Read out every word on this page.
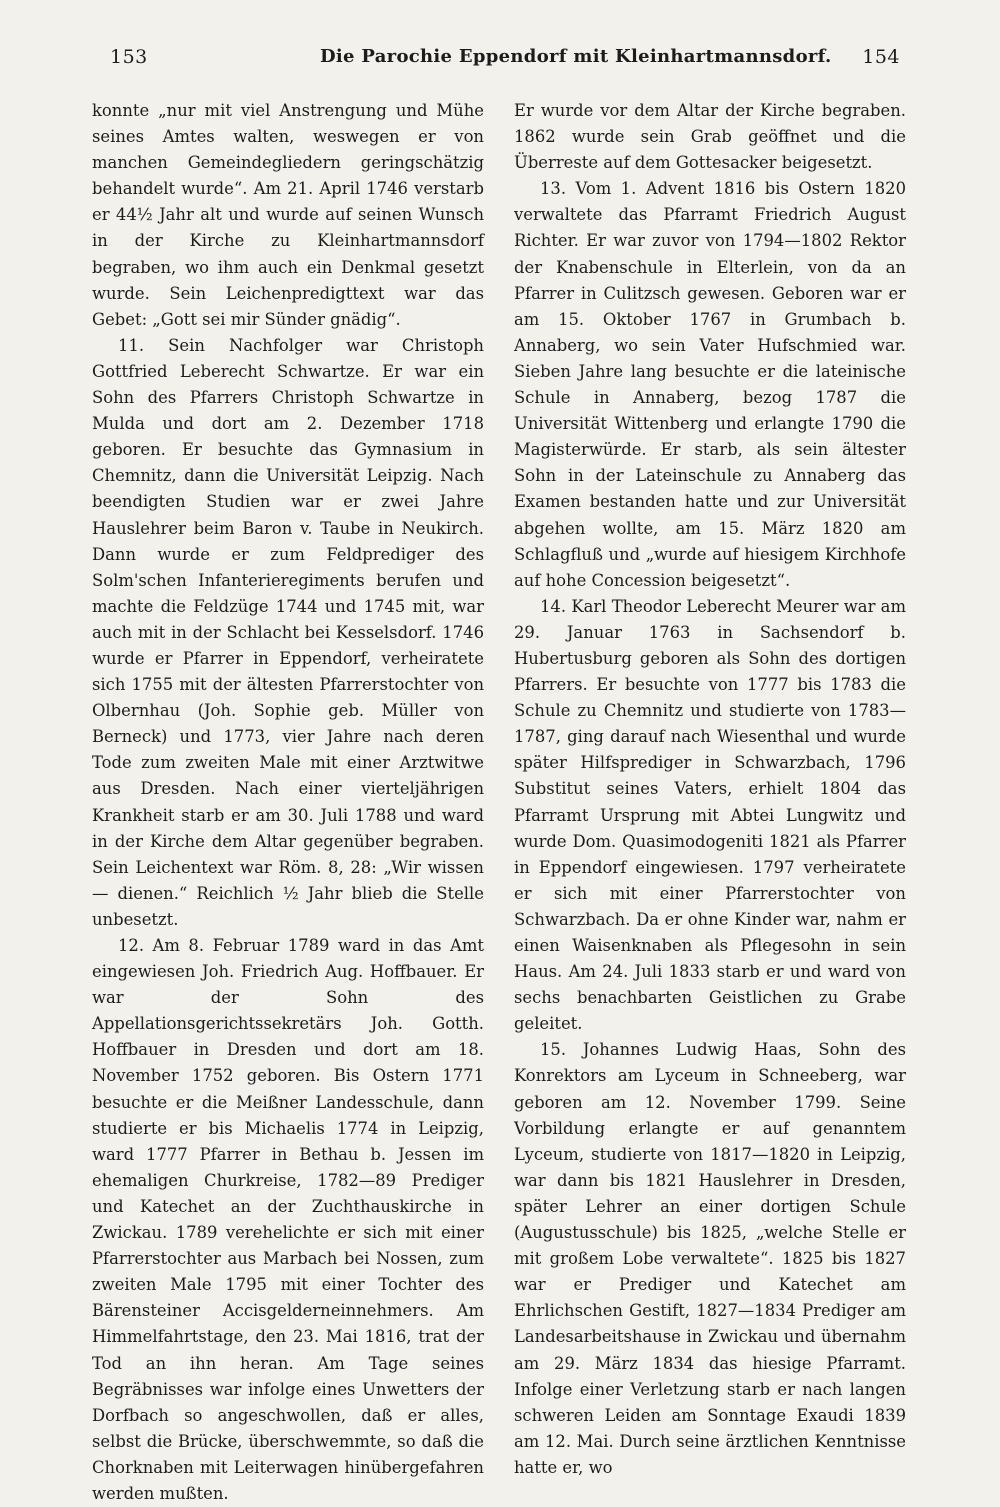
153	Die Parochie Eppendorf mit Kleinhartmannsdorf. 154

konnte „nur mit viel Anstrengung und Mühe seines Amtes walten, weswegen er von manchen Gemeindegliedern geringschätzig behandelt wurde“. Am 21. April 1746 verstarb er 44½ Jahr alt und wurde auf seinen Wunsch in der Kirche zu Kleinhartmannsdorf begraben, wo ihm auch ein Denkmal gesetzt wurde. Sein Leichenpredigttext war das Gebet: „Gott sei mir Sünder gnädig“.

11. Sein Nachfolger war Christoph Gottfried Leberecht Schwartze. Er war ein Sohn des Pfarrers Christoph Schwartze in Mulda und dort am 2. Dezember 1718 geboren. Er besuchte das Gymnasium in Chemnitz, dann die Universität Leipzig. Nach beendigten Studien war er zwei Jahre Hauslehrer beim Baron v. Taube in Neukirch. Dann wurde er zum Feldprediger des Solm'schen Infanterieregiments berufen und machte die Feldzüge 1744 und 1745 mit, war auch mit in der Schlacht bei Kesselsdorf. 1746 wurde er Pfarrer in Eppendorf, verheiratete sich 1755 mit der ältesten Pfarrerstochter von Olbernhau (Joh. Sophie geb. Müller von Berneck) und 1773, vier Jahre nach deren Tode zum zweiten Male mit einer Arztwitwe aus Dresden. Nach einer vierteljährigen Krankheit starb er am 30. Juli 1788 und ward in der Kirche dem Altar gegenüber begraben. Sein Leichentext war Röm. 8, 28: „Wir wissen — dienen.“ Reichlich ½ Jahr blieb die Stelle unbesetzt.

12. Am 8. Februar 1789 ward in das Amt eingewiesen Joh. Friedrich Aug. Hoffbauer. Er war der Sohn des Appellationsgerichtssekretärs Joh. Gotth. Hoffbauer in Dresden und dort am 18. November 1752 geboren. Bis Ostern 1771 besuchte er die Meißner Landesschule, dann studierte er bis Michaelis 1774 in Leipzig, ward 1777 Pfarrer in Bethau b. Jessen im ehemaligen Churkreise, 1782—89 Prediger und Katechet an der Zuchthauskirche in Zwickau. 1789 verehelichte er sich mit einer Pfarrerstochter aus Marbach bei Nossen, zum zweiten Male 1795 mit einer Tochter des Bärensteiner Accisgelderneinnehmers. Am Himmelfahrtstage, den 23. Mai 1816, trat der Tod an ihn heran. Am Tage seines Begräbnisses war infolge eines Unwetters der Dorfbach so angeschwollen, daß er alles, selbst die Brücke, überschwemmte, so daß die Chorknaben mit Leiterwagen hinübergefahren werden mußten.

Er wurde vor dem Altar der Kirche begraben. 1862 wurde sein Grab geöffnet und die Überreste auf dem Gottesacker beigesetzt.

13. Vom 1. Advent 1816 bis Ostern 1820 verwaltete das Pfarramt Friedrich August Richter. Er war zuvor von 1794—1802 Rektor der Knabenschule in Elterlein, von da an Pfarrer in Culitzsch gewesen. Geboren war er am 15. Oktober 1767 in Grumbach b. Annaberg, wo sein Vater Hufschmied war. Sieben Jahre lang besuchte er die lateinische Schule in Annaberg, bezog 1787 die Universität Wittenberg und erlangte 1790 die Magisterwürde. Er starb, als sein ältester Sohn in der Lateinschule zu Annaberg das Examen bestanden hatte und zur Universität abgehen wollte, am 15. März 1820 am Schlagfluß und „wurde auf hiesigem Kirchhofe auf hohe Concession beigesetzt“.

14. Karl Theodor Leberecht Meurer war am 29. Januar 1763 in Sachsendorf b. Hubertusburg geboren als Sohn des dortigen Pfarrers. Er besuchte von 1777 bis 1783 die Schule zu Chemnitz und studierte von 1783—1787, ging darauf nach Wiesenthal und wurde später Hilfsprediger in Schwarzbach, 1796 Substitut seines Vaters, erhielt 1804 das Pfarramt Ursprung mit Abtei Lungwitz und wurde Dom. Quasimodogeniti 1821 als Pfarrer in Eppendorf eingewiesen. 1797 verheiratete er sich mit einer Pfarrerstochter von Schwarzbach. Da er ohne Kinder war, nahm er einen Waisenknaben als Pflegesohn in sein Haus. Am 24. Juli 1833 starb er und ward von sechs benachbarten Geistlichen zu Grabe geleitet.

15. Johannes Ludwig Haas, Sohn des Konrektors am Lyceum in Schneeberg, war geboren am 12. November 1799. Seine Vorbildung erlangte er auf genanntem Lyceum, studierte von 1817—1820 in Leipzig, war dann bis 1821 Hauslehrer in Dresden, später Lehrer an einer dortigen Schule (Augustusschule) bis 1825, „welche Stelle er mit großem Lobe verwaltete“. 1825 bis 1827 war er Prediger und Katechet am Ehrlichschen Gestift, 1827—1834 Prediger am Landesarbeitshause in Zwickau und übernahm am 29. März 1834 das hiesige Pfarramt. Infolge einer Verletzung starb er nach langen schweren Leiden am Sonntage Exaudi 1839 am 12. Mai. Durch seine ärztlichen Kenntnisse hatte er, wo
